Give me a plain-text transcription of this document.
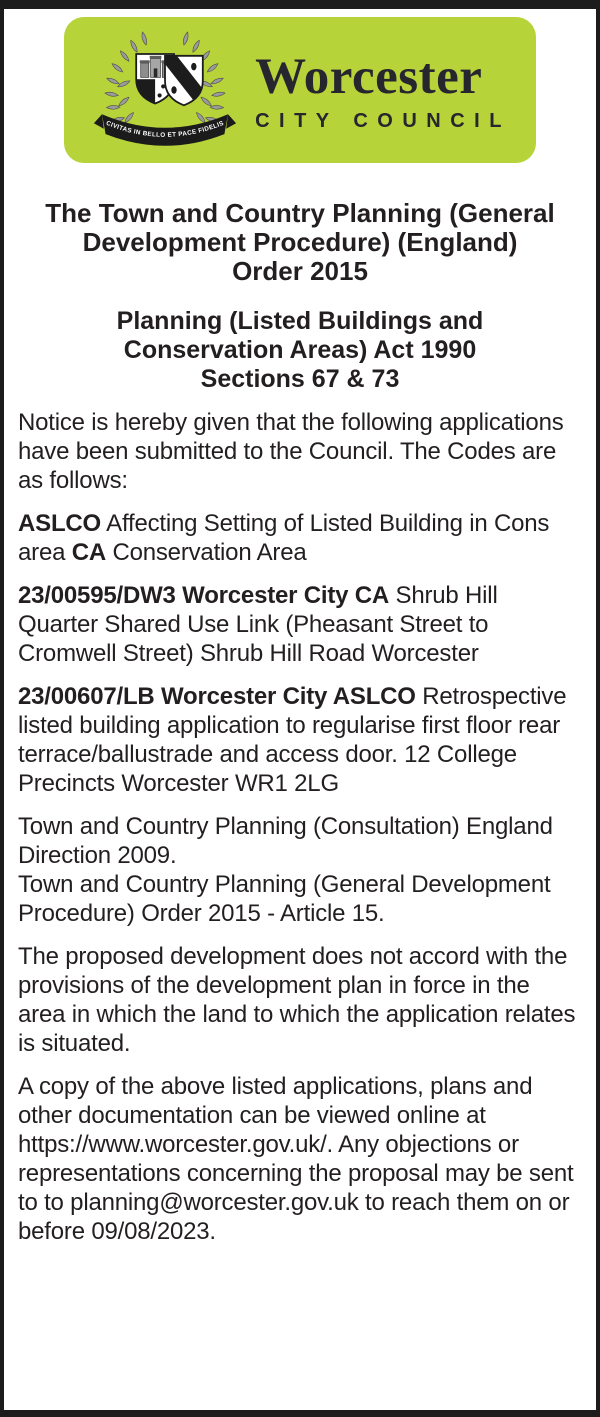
CIVITAS IN BELLO ET PACE FIDELIS
Worcester
CITY COUNCIL
The Town and Country Planning (General
Development Procedure) (England)
Order 2015
Planning (Listed Buildings and
Conservation Areas) Act 1990
Sections 67 & 73

Notice is hereby given that the following applications have been submitted to the Council. The Codes are as follows:

ASLCO Affecting Setting of Listed Building in Cons area CA Conservation Area

23/00595/DW3 Worcester City CA Shrub Hill Quarter Shared Use Link (Pheasant Street to Cromwell Street) Shrub Hill Road Worcester

23/00607/LB Worcester City ASLCO Retrospective listed building application to regularise first floor rear terrace/ballustrade and access door. 12 College Precincts Worcester WR1 2LG

Town and Country Planning (Consultation) England Direction 2009.
Town and Country Planning (General Development Procedure) Order 2015 - Article 15.

The proposed development does not accord with the provisions of the development plan in force in the area in which the land to which the application relates is situated.

A copy of the above listed applications, plans and other documentation can be viewed online at https://www.worcester.gov.uk/. Any objections or representations concerning the proposal may be sent to to planning@worcester.gov.uk to reach them on or before 09/08/2023.
